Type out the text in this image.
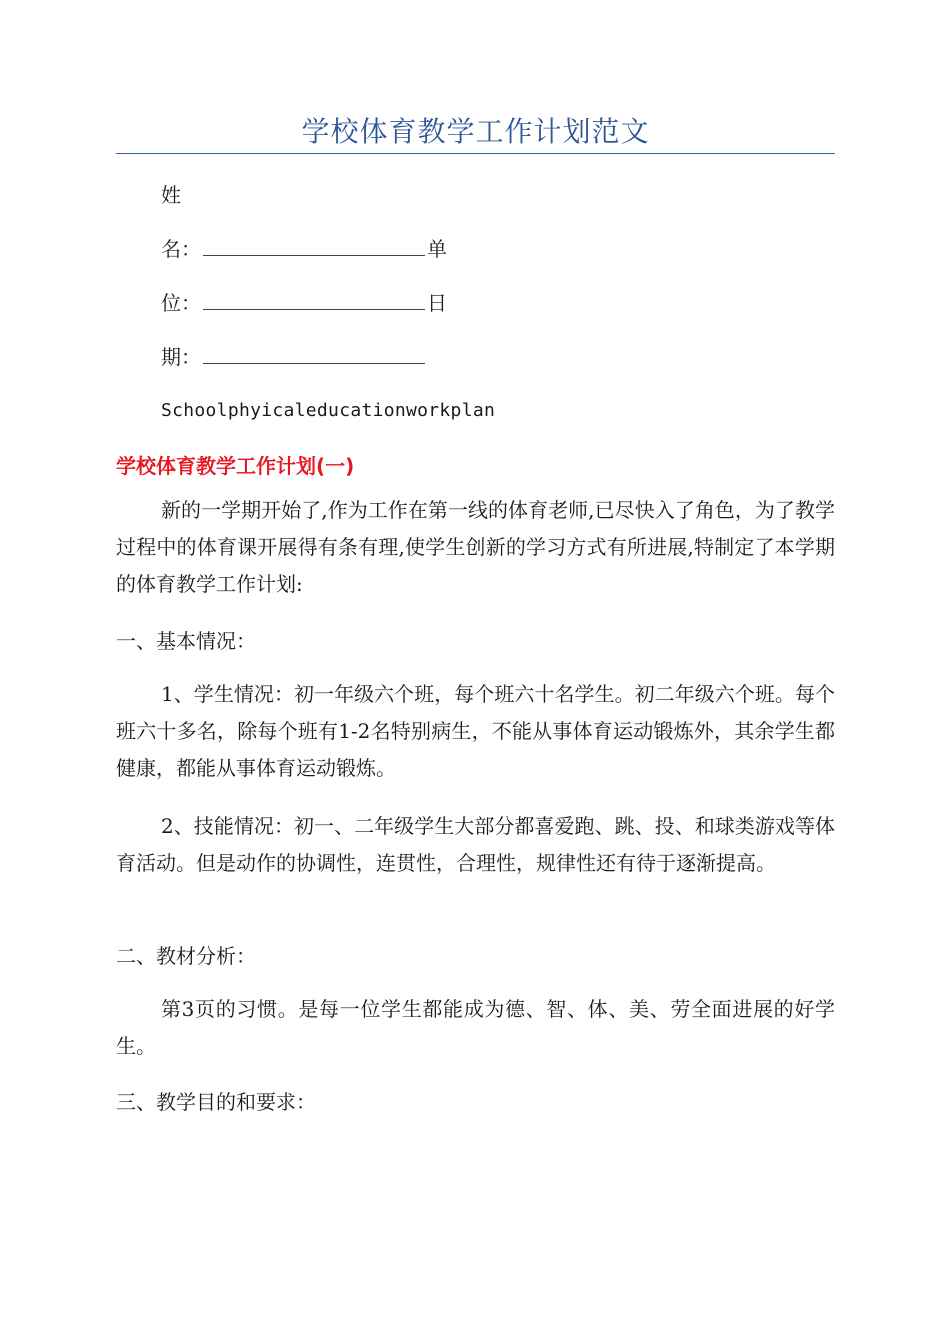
学校体育教学工作计划范文
姓
名：	单
位：	日
期：
Schoolphyicaleducationworkplan
学校体育教学工作计划(一)
新的一学期开始了,作为工作在第一线的体育老师,已尽快入了角色，为了教学过程中的体育课开展得有条有理,使学生创新的学习方式有所进展,特制定了本学期的体育教学工作计划:
一、基本情况：
1、学生情况：初一年级六个班，每个班六十名学生。初二年级六个班。每个班六十多名，除每个班有1-2名特别病生，不能从事体育运动锻炼外，其余学生都健康，都能从事体育运动锻炼。
2、技能情况：初一、二年级学生大部分都喜爱跑、跳、投、和球类游戏等体育活动。但是动作的协调性，连贯性，合理性，规律性还有待于逐渐提高。
二、教材分析：
第3页的习惯。是每一位学生都能成为德、智、体、美、劳全面进展的好学生。
三、教学目的和要求：
